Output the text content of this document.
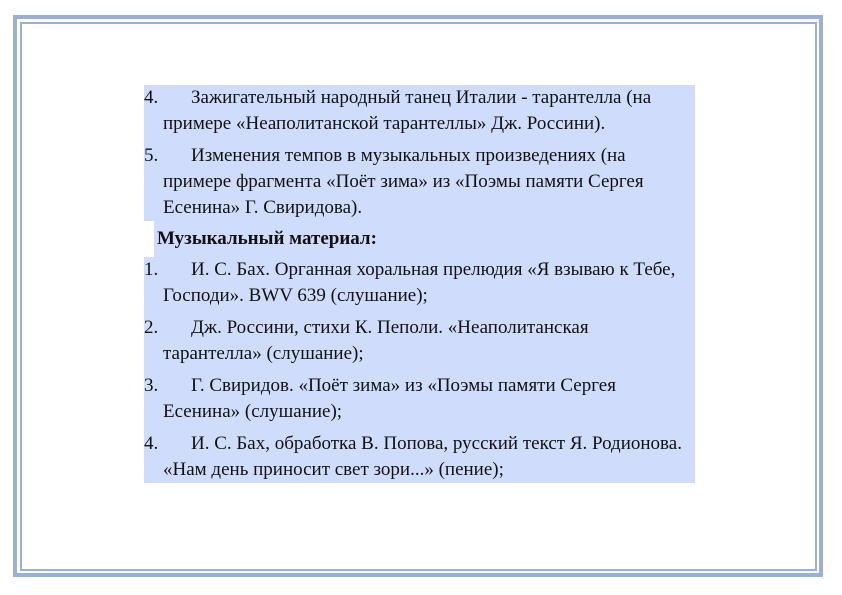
4. Зажигательный народный танец Италии - тарантелла (на примере «Неаполитанской тарантеллы» Дж. Россини).
5. Изменения темпов в музыкальных произведениях (на примере фрагмента «Поёт зима» из «Поэмы памяти Сергея Есенина» Г. Свиридова).
Музыкальный материал:
1. И. С. Бах. Органная хоральная прелюдия «Я взываю к Тебе, Господи». BWV 639 (слушание);
2. Дж. Россини, стихи К. Пеполи. «Неаполитанская тарантелла» (слушание);
3. Г. Свиридов. «Поёт зима» из «Поэмы памяти Сергея Есенина» (слушание);
4. И. С. Бах, обработка В. Попова, русский текст Я. Родионова. «Нам день приносит свет зори...» (пение);
